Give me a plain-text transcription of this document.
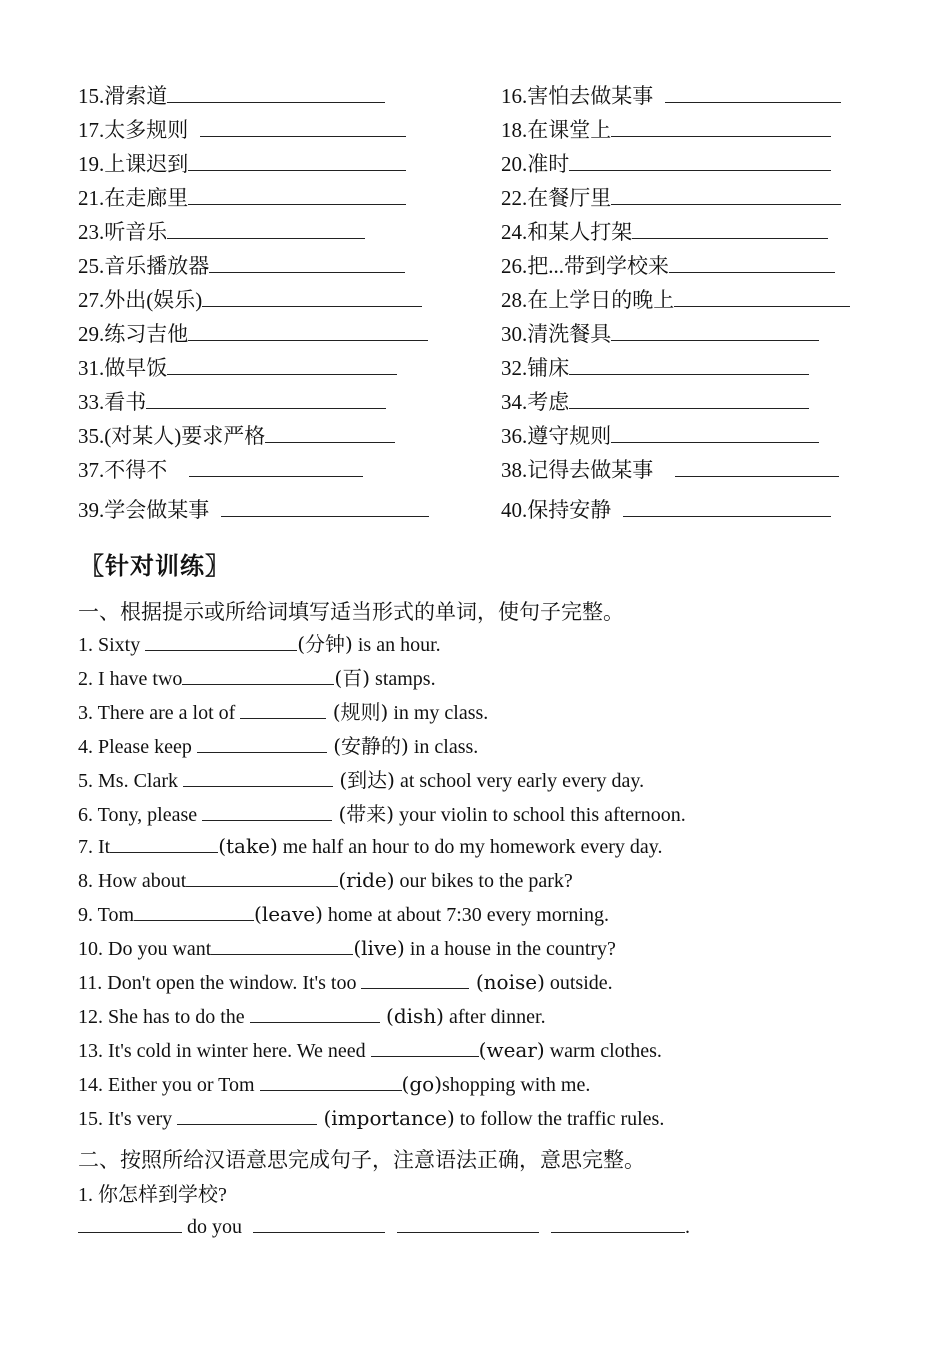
15.滑索道	16.害怕去做某事
17.太多规则	18.在课堂上
19.上课迟到	20.准时
21.在走廊里	22.在餐厅里
23.听音乐	24.和某人打架
25.音乐播放器	26.把...带到学校来
27.外出(娱乐)	28.在上学日的晚上
29.练习吉他	30.清洗餐具
31.做早饭	32.铺床
33.看书	34.考虑
35.(对某人)要求严格	36.遵守规则
37.不得不	38.记得去做某事
39.学会做某事	40.保持安静
〖针对训练〗
一、根据提示或所给词填写适当形式的单词，使句子完整。
1. Sixty	(分钟) is an hour.
2. I have two	(百) stamps.
3. There are a lot of	(规则) in my class.
4. Please keep	(安静的) in class.
5. Ms. Clark	(到达) at school very early every day.
6. Tony, please	(带来) your violin to school this afternoon.
7. It	(take) me half an hour to do my homework every day.
8. How about	(ride) our bikes to the park?
9. Tom	(leave) home at about 7:30 every morning.
10. Do you want	(live) in a house in the country?
11. Don't open the window. It's too	(noise) outside.
12. She has to do the	(dish) after dinner.
13. It's cold in winter here. We need	(wear) warm clothes.
14. Either you or Tom	(go)shopping with me.
15. It's very	(importance) to follow the traffic rules.
二、按照所给汉语意思完成句子，注意语法正确，意思完整。
1. 你怎样到学校?
do you	.
